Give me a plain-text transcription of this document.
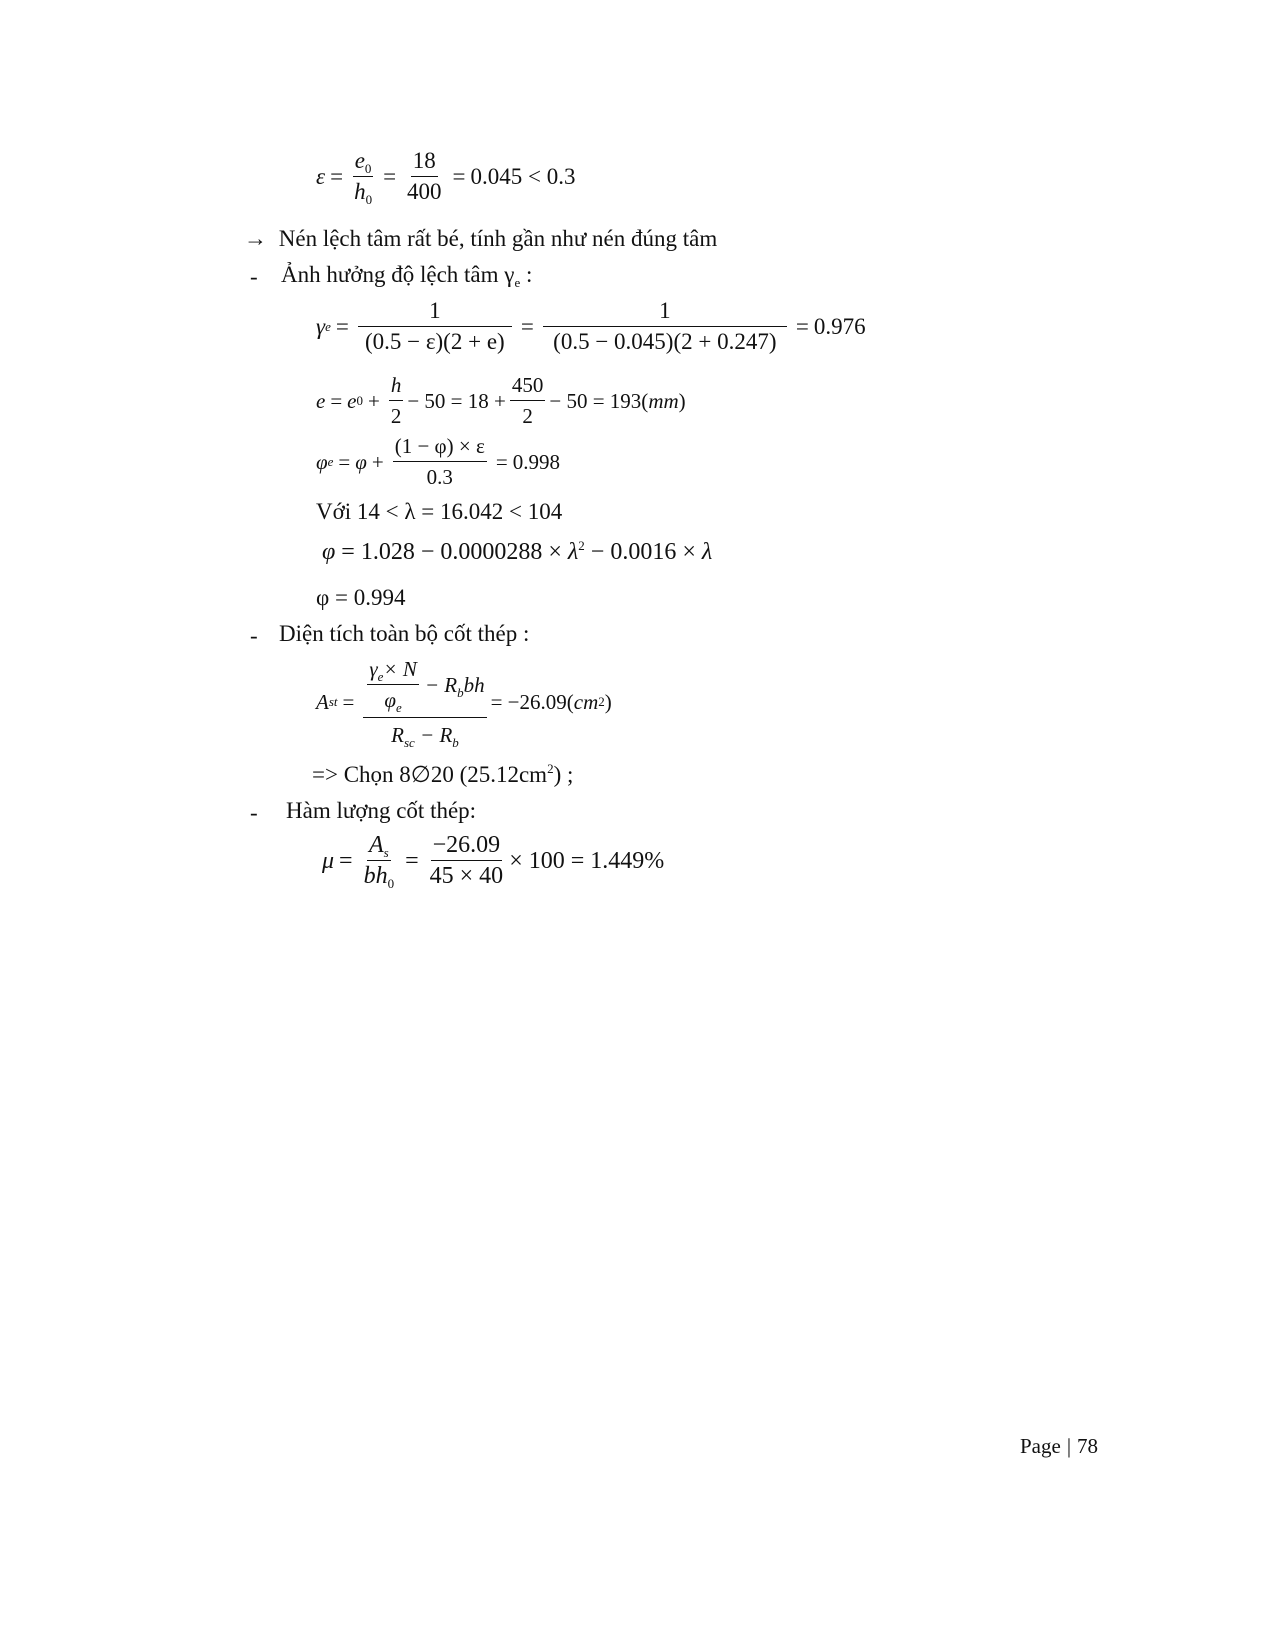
$\varepsilon = \frac{e_0}{h_0} = \frac{18}{400} = 0.045 < 0.3$
→ Nén lệch tâm rất bé, tính gần như nén đúng tâm
- Ảnh hưởng độ lệch tâm $\gamma_e$ :
γ $e = \frac{1}{(0.5 - \varepsilon)(2 + e)} = \frac{1}{(0.5 - 0.045)(2 + 0.247)} = 0.976$
e = e $0 + \frac{h}{2} - 50 = 18 + \frac{450}{2} - 50 = 193$( mm )
φ $e = \varphi + \frac{(1 - \varphi) \times \varepsilon}{0.3} = 0.998$
Với 14 < λ = 16.042 < 104
$\varphi = 1.028 - 0.0000288 \times \lambda^2 - 0.0016 \times \lambda$
φ = 0.994
- Diện tích toàn bộ cốt thép :
A st = $\frac{\frac{\gamma_e\times N}{\varphi_e} - R_bbh}{R_{sc} - R_b} = -26.09$( cm 2 )
=> Chọn 8∅20 $(25.12cm^2)$ ;
- Hàm lượng cốt thép:
$\mu = \frac{A_s}{bh_0} = \frac{-26.09}{45 \times 40} \times 100 = 1.449\%$
Page | 78
